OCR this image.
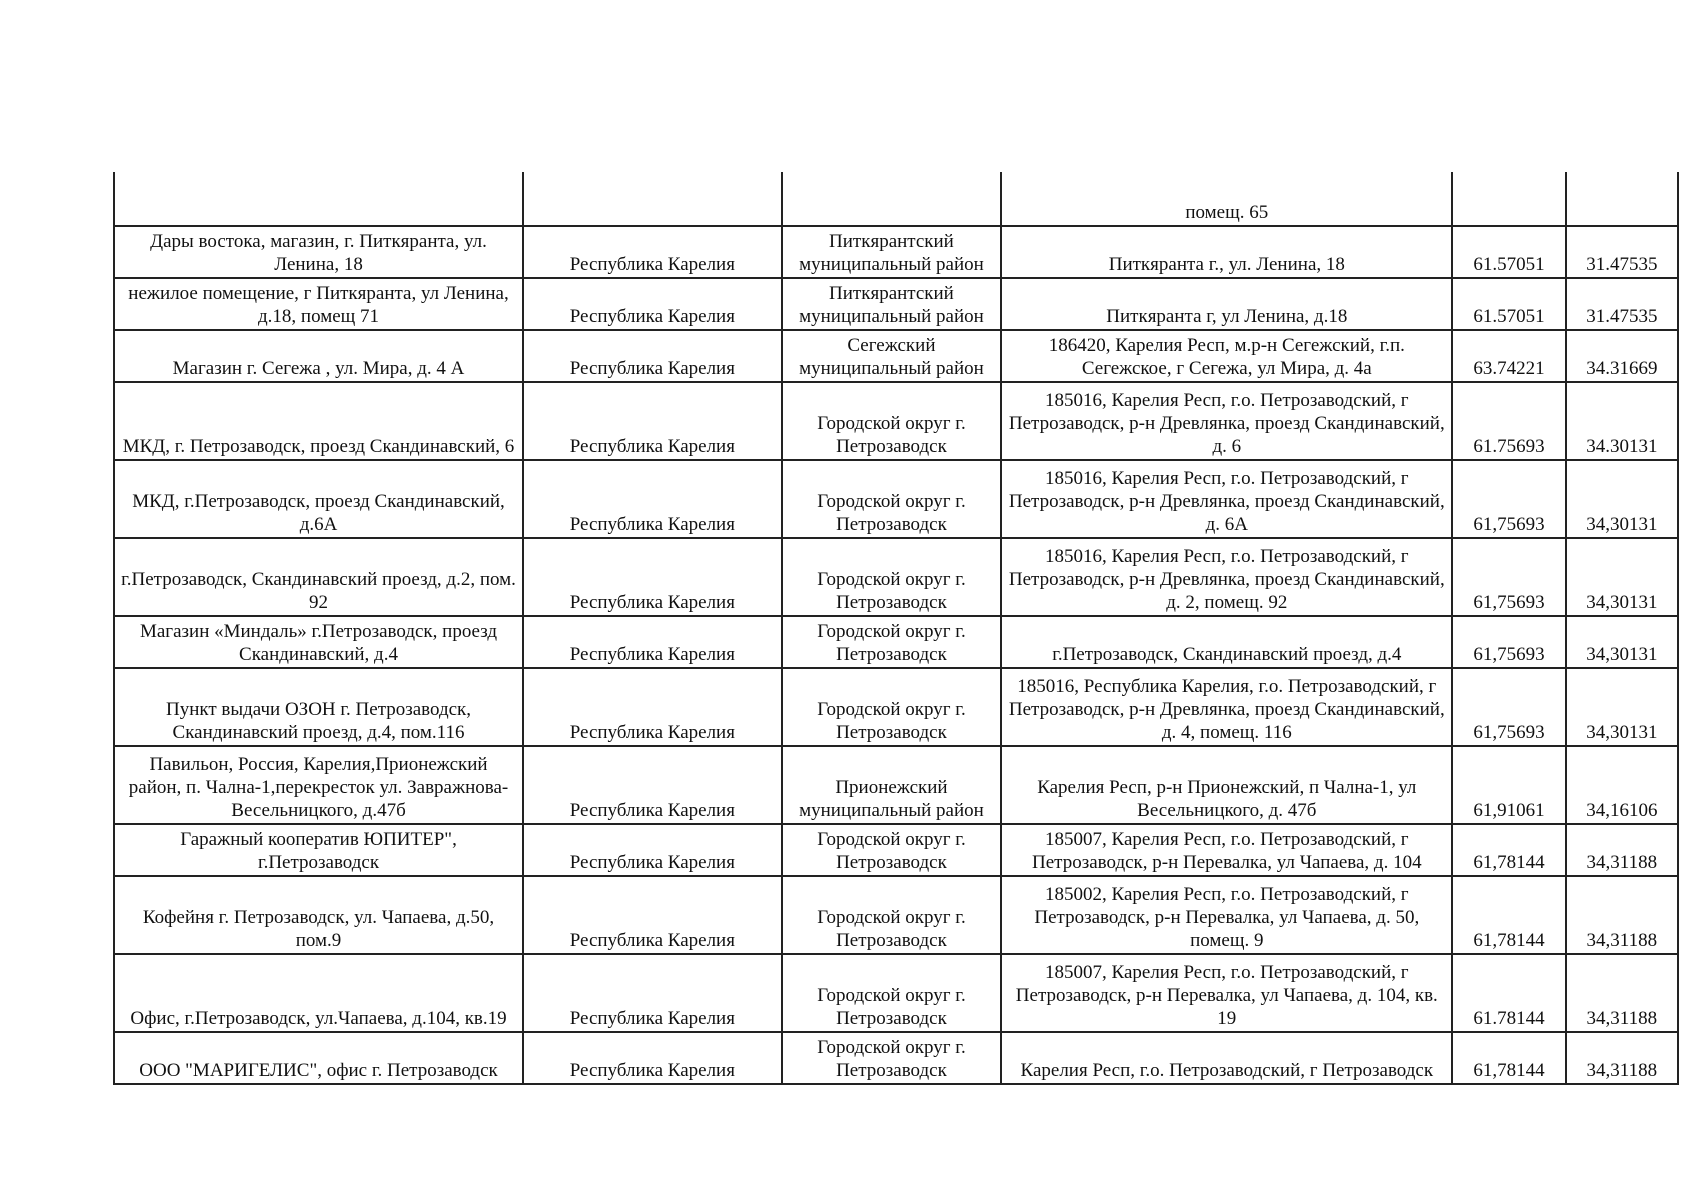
			помещ. 65		
Дары востока, магазин, г. Питкяранта, ул. Ленина, 18	Республика Карелия	Питкярантский муниципальный район	Питкяранта г., ул. Ленина, 18	61.57051	31.47535
нежилое помещение, г Питкяранта, ул Ленина, д.18, помещ 71	Республика Карелия	Питкярантский муниципальный район	Питкяранта г, ул Ленина, д.18	61.57051	31.47535
Магазин г. Сегежа , ул. Мира, д. 4 А	Республика Карелия	Сегежский муниципальный район	186420, Карелия Респ, м.р-н Сегежский, г.п. Сегежское, г Сегежа, ул Мира, д. 4а	63.74221	34.31669
МКД, г. Петрозаводск, проезд Скандинавский, 6	Республика Карелия	Городской округ г. Петрозаводск	185016, Карелия Респ, г.о. Петрозаводский, г Петрозаводск, р-н Древлянка, проезд Скандинавский, д. 6	61.75693	34.30131
МКД, г.Петрозаводск, проезд Скандинавский, д.6А	Республика Карелия	Городской округ г. Петрозаводск	185016, Карелия Респ, г.о. Петрозаводский, г Петрозаводск, р-н Древлянка, проезд Скандинавский, д. 6А	61,75693	34,30131
г.Петрозаводск, Скандинавский проезд, д.2, пом. 92	Республика Карелия	Городской округ г. Петрозаводск	185016, Карелия Респ, г.о. Петрозаводский, г Петрозаводск, р-н Древлянка, проезд Скандинавский, д. 2, помещ. 92	61,75693	34,30131
Магазин «Миндаль» г.Петрозаводск, проезд Скандинавский, д.4	Республика Карелия	Городской округ г. Петрозаводск	г.Петрозаводск, Скандинавский проезд, д.4	61,75693	34,30131
Пункт выдачи ОЗОН г. Петрозаводск, Скандинавский проезд, д.4, пом.116	Республика Карелия	Городской округ г. Петрозаводск	185016, Республика Карелия, г.о. Петрозаводский, г Петрозаводск, р-н Древлянка, проезд Скандинавский, д. 4, помещ. 116	61,75693	34,30131
Павильон, Россия, Карелия,Прионежский район, п. Чална-1,перекресток ул. Завражнова- Весельницкого, д.47б	Республика Карелия	Прионежский муниципальный район	Карелия Респ, р-н Прионежский, п Чална-1, ул Весельницкого, д. 47б	61,91061	34,16106
Гаражный кооператив ЮПИТЕР", г.Петрозаводск	Республика Карелия	Городской округ г. Петрозаводск	185007, Карелия Респ, г.о. Петрозаводский, г Петрозаводск, р-н Перевалка, ул Чапаева, д. 104	61,78144	34,31188
Кофейня г. Петрозаводск, ул. Чапаева, д.50, пом.9	Республика Карелия	Городской округ г. Петрозаводск	185002, Карелия Респ, г.о. Петрозаводский, г Петрозаводск, р-н Перевалка, ул Чапаева, д. 50, помещ. 9	61,78144	34,31188
Офис, г.Петрозаводск, ул.Чапаева, д.104, кв.19	Республика Карелия	Городской округ г. Петрозаводск	185007, Карелия Респ, г.о. Петрозаводский, г Петрозаводск, р-н Перевалка, ул Чапаева, д. 104, кв. 19	61.78144	34,31188
ООО "МАРИГЕЛИС", офис г. Петрозаводск	Республика Карелия	Городской округ г. Петрозаводск	Карелия Респ, г.о. Петрозаводский, г Петрозаводск	61,78144	34,31188
